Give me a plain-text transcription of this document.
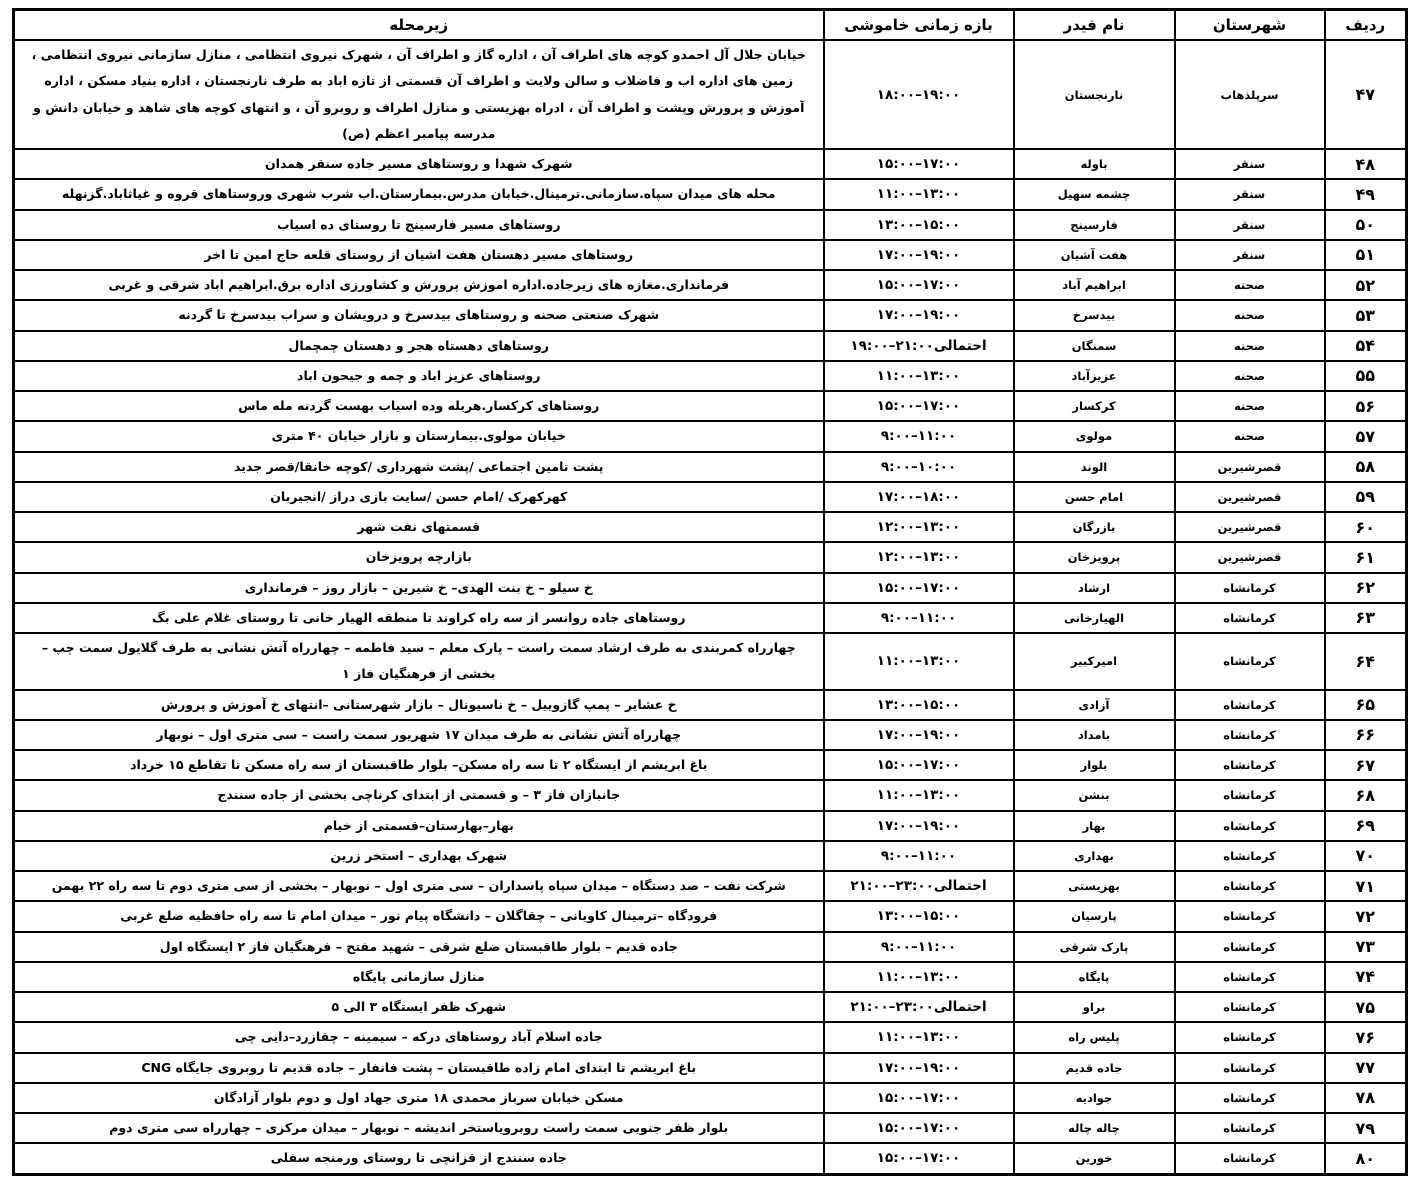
ردیف	شهرستان	نام فیدر	بازه زمانی خاموشی	زیرمحله
۴۷	سرپلذهاب	نارنجستان	۱۸:۰۰–۱۹:۰۰	خیابان جلال آل احمدو کوچه های اطراف آن ، اداره گاز و اطراف آن ، شهرک نیروی انتظامی ، منازل سازمانی نیروی انتظامی ، زمین های اداره اب و فاضلاب و سالن ولایت و اطراف آن قسمتی از تازه اباد به طرف نارنجستان ، اداره بنیاد مسکن ، اداره آموزش و پرورش وپشت و اطراف آن ، ادراه بهزیستی و منازل اطراف و روبرو آن ، و انتهای کوچه های شاهد و خیابان دانش و مدرسه پیامبر اعظم (ص)
۴۸	سنقر	باوله	۱۵:۰۰–۱۷:۰۰	شهرک شهدا و روستاهای مسیر جاده سنقر همدان
۴۹	سنقر	چشمه سهیل	۱۱:۰۰–۱۳:۰۰	محله های میدان سپاه.سازمانی.ترمینال.خیابان مدرس.بیمارستان.اب شرب شهری وروستاهای قروه و غیاثاباد.گزنهله
۵۰	سنقر	فارسینج	۱۳:۰۰–۱۵:۰۰	روستاهای مسیر فارسینج تا روستای ده اسیاب
۵۱	سنقر	هفت آشیان	۱۷:۰۰–۱۹:۰۰	روستاهای مسیر دهستان هفت اشیان از روستای قلعه حاج امین تا اخر
۵۲	صحنه	ابراهیم آباد	۱۵:۰۰–۱۷:۰۰	فرمانداری.مغازه های زیرجاده.اداره اموزش پرورش و کشاورزی اداره برق.ابراهیم اباد شرقی و غربی
۵۳	صحنه	بیدسرخ	۱۷:۰۰–۱۹:۰۰	شهرک صنعتی صحنه و روستاهای بیدسرخ و درویشان و سراب بیدسرخ تا گردنه
۵۴	صحنه	سمنگان	۱۹:۰۰–۲۱:۰۰احتمالی	روستاهای دهستاه هجر و دهستان چمچمال
۵۵	صحنه	عزیزآباد	۱۱:۰۰–۱۳:۰۰	روستاهای عزیز اباد و چمه و جیحون اباد
۵۶	صحنه	کرکسار	۱۵:۰۰–۱۷:۰۰	روستاهای کرکسار.هریله وده اسیاب بهست گردنه مله ماس
۵۷	صحنه	مولوی	۹:۰۰–۱۱:۰۰	خیابان مولوی.بیمارستان و بازار خیابان ۴۰ متری
۵۸	قصرشیرین	الوند	۹:۰۰–۱۰:۰۰	پشت تامین اجتماعی /پشت شهرداری /کوچه خانقا/قصر جدید
۵۹	قصرشیرین	امام حسن	۱۷:۰۰–۱۸:۰۰	کهرکهرک /امام حسن /سایت بازی دراز /انجیربان
۶۰	قصرشیرین	بازرگان	۱۲:۰۰–۱۳:۰۰	قسمتهای نفت شهر
۶۱	قصرشیرین	پرویزخان	۱۲:۰۰–۱۳:۰۰	بازارچه پرویزخان
۶۲	کرمانشاه	ارشاد	۱۵:۰۰–۱۷:۰۰	خ سیلو – خ بنت الهدی– خ شیرین – بازار روز – فرمانداری
۶۳	کرمانشاه	الهیارخانی	۹:۰۰–۱۱:۰۰	روستاهای جاده روانسر از سه راه کراوند تا منطقه الهیار خانی تا روستای غلام علی بگ
۶۴	کرمانشاه	امیرکبیر	۱۱:۰۰–۱۳:۰۰	چهارراه کمربندی به طرف ارشاد سمت راست – پارک معلم – سید فاطمه – چهارراه آتش نشانی به طرف گلایول سمت چپ – بخشی از فرهنگیان فاز ۱
۶۵	کرمانشاه	آزادی	۱۳:۰۰–۱۵:۰۰	خ عشایر – پمپ گازوییل – خ ناسیونال – بازار شهرستانی –انتهای خ آموزش و پرورش
۶۶	کرمانشاه	بامداد	۱۷:۰۰–۱۹:۰۰	چهارراه آتش نشانی به طرف میدان ۱۷ شهریور سمت راست – سی متری اول – نوبهار
۶۷	کرمانشاه	بلوار	۱۵:۰۰–۱۷:۰۰	باغ ابریشم از ایستگاه ۲ تا سه راه مسکن– بلوار طاقبستان از سه راه مسکن تا تقاطع ۱۵ خرداد
۶۸	کرمانشاه	بنشن	۱۱:۰۰–۱۳:۰۰	جانبازان فاز ۳ – و قسمتی از ابتدای کرناچی بخشی از جاده سنندج
۶۹	کرمانشاه	بهار	۱۷:۰۰–۱۹:۰۰	بهار–بهارستان–قسمتی از خیام
۷۰	کرمانشاه	بهداری	۹:۰۰–۱۱:۰۰	شهرک بهداری – استخر زرین
۷۱	کرمانشاه	بهزیستی	۲۱:۰۰–۲۳:۰۰احتمالی	شرکت نفت – صد دستگاه – میدان سپاه پاسداران – سی متری اول – نوبهار – بخشی از سی متری دوم تا سه راه ۲۲ بهمن
۷۲	کرمانشاه	پارسیان	۱۳:۰۰–۱۵:۰۰	فرودگاه –ترمینال کاویانی – چقاگلان – دانشگاه پیام نور – میدان امام تا سه راه حافظیه ضلع غربی
۷۳	کرمانشاه	پارک شرقی	۹:۰۰–۱۱:۰۰	جاده قدیم – بلوار طاقبستان ضلع شرقی – شهید مفتح – فرهنگیان فاز ۲ ایستگاه اول
۷۴	کرمانشاه	پایگاه	۱۱:۰۰–۱۳:۰۰	منازل سازمانی پایگاه
۷۵	کرمانشاه	براو	۲۱:۰۰–۲۳:۰۰احتمالی	شهرک ظفر ایستگاه ۳ الی ۵
۷۶	کرمانشاه	پلیس راه	۱۱:۰۰–۱۳:۰۰	جاده اسلام آباد روستاهای درکه – سیمینه – چقازرد–دایی چی
۷۷	کرمانشاه	جاده قدیم	۱۷:۰۰–۱۹:۰۰	باغ ابریشم تا ابتدای امام زاده طاقبستان – پشت فانفار – جاده قدیم تا روبروی جایگاه CNG
۷۸	کرمانشاه	جوادیه	۱۵:۰۰–۱۷:۰۰	مسکن خیابان سرباز محمدی ۱۸ متری جهاد اول و دوم بلوار آزادگان
۷۹	کرمانشاه	چاله چاله	۱۵:۰۰–۱۷:۰۰	بلوار ظفر جنوبی سمت راست روبرویاستخر اندیشه – نوبهار – میدان مرکزی – چهارراه سی متری دوم
۸۰	کرمانشاه	خورین	۱۵:۰۰–۱۷:۰۰	جاده سنندج از قزانچی تا روستای ورمنجه سفلی
